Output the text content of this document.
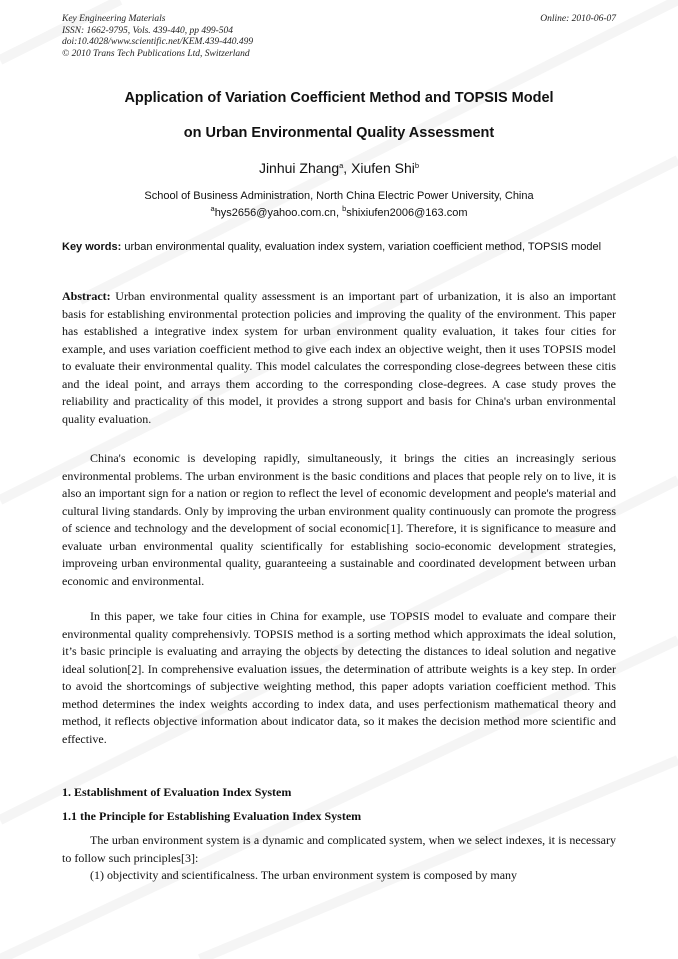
Key Engineering Materials
ISSN: 1662-9795, Vols. 439-440, pp 499-504
doi:10.4028/www.scientific.net/KEM.439-440.499
© 2010 Trans Tech Publications Ltd, Switzerland
Online: 2010-06-07
Application of Variation Coefficient Method and TOPSIS Model
on Urban Environmental Quality Assessment
Jinhui Zhang$^a$, Xiufen Shi$^b$
School of Business Administration, North China Electric Power University, China
$^a$hys2656@yahoo.com.cn, $^b$shixiufen2006@163.com
Key words: urban environmental quality, evaluation index system, variation coefficient method, TOPSIS model
Abstract: Urban environmental quality assessment is an important part of urbanization, it is also an important basis for establishing environmental protection policies and improving the quality of the environment. This paper has established a integrative index system for urban environment quality evaluation, it takes four cities for example, and uses variation coefficient method to give each index an objective weight, then it uses TOPSIS model to evaluate their environmental quality. This model calculates the corresponding close-degrees between these citis and the ideal point, and arrays them according to the corresponding close-degrees. A case study proves the reliability and practicality of this model, it provides a strong support and basis for China's urban environmental quality evaluation.
China's economic is developing rapidly, simultaneously, it brings the cities an increasingly serious environmental problems. The urban environment is the basic conditions and places that people rely on to live, it is also an important sign for a nation or region to reflect the level of economic development and people's material and cultural living standards. Only by improving the urban environment quality continuously can promote the progress of science and technology and the development of social economic[1]. Therefore, it is significance to measure and evaluate urban environmental quality scientifically for establishing socio-economic development strategies, improveing urban environmental quality, guaranteeing a sustainable and coordinated development between urban economic and environmental.
In this paper, we take four cities in China for example, use TOPSIS model to evaluate and compare their environmental quality comprehensivly. TOPSIS method is a sorting method which approximats the ideal solution, it’s basic principle is evaluating and arraying the objects by detecting the distances to ideal solution and negative ideal solution[2]. In comprehensive evaluation issues, the determination of attribute weights is a key step. In order to avoid the shortcomings of subjective weighting method, this paper adopts variation coefficient method. This method determines the index weights according to index data, and uses perfectionism mathematical theory and method, it reflects objective information about indicator data, so it makes the decision method more scientific and effective.
1. Establishment of Evaluation Index System
1.1 the Principle for Establishing Evaluation Index System
The urban environment system is a dynamic and complicated system, when we select indexes, it is necessary to follow such principles[3]:
(1) objectivity and scientificalness. The urban environment system is composed by many
